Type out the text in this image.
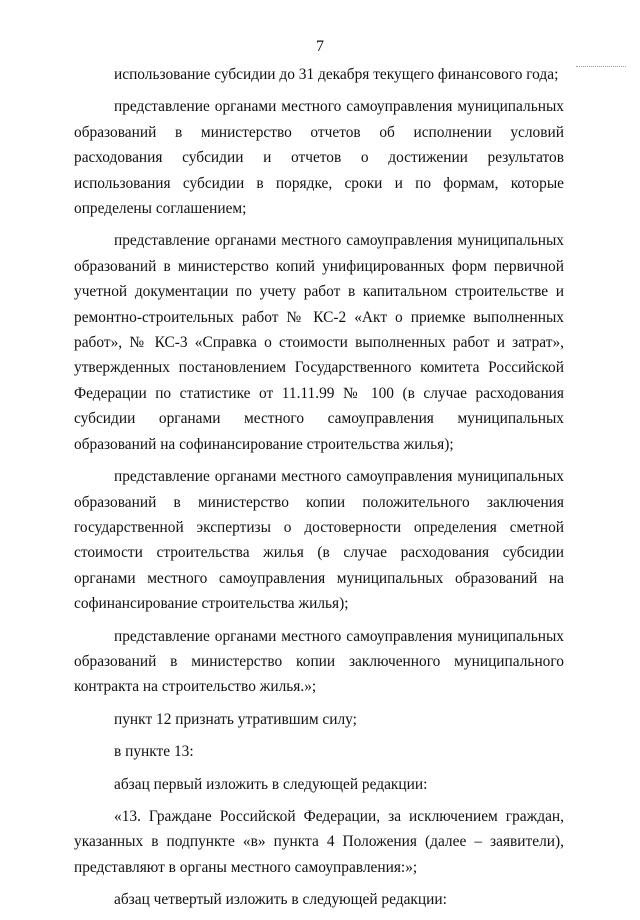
7

использование субсидии до 31 декабря текущего финансового года;

представление органами местного самоуправления муниципальных образований в министерство отчетов об исполнении условий расходования субсидии и отчетов о достижении результатов использования субсидии в порядке, сроки и по формам, которые определены соглашением;

представление органами местного самоуправления муниципальных образований в министерство копий унифицированных форм первичной учетной документации по учету работ в капитальном строительстве и ремонтно-строительных работ № КС-2 «Акт о приемке выполненных работ», № КС-3 «Справка о стоимости выполненных работ и затрат», утвержденных постановлением Государственного комитета Российской Федерации по статистике от 11.11.99 № 100 (в случае расходования субсидии органами местного самоуправления муниципальных образований на софинансирование строительства жилья);

представление органами местного самоуправления муниципальных образований в министерство копии положительного заключения государственной экспертизы о достоверности определения сметной стоимости строительства жилья (в случае расходования субсидии органами местного самоуправления муниципальных образований на софинансирование строительства жилья);

представление органами местного самоуправления муниципальных образований в министерство копии заключенного муниципального контракта на строительство жилья.»;

пункт 12 признать утратившим силу;

в пункте 13:

абзац первый изложить в следующей редакции:

«13. Граждане Российской Федерации, за исключением граждан, указанных в подпункте «в» пункта 4 Положения (далее – заявители), представляют в органы местного самоуправления:»;

абзац четвертый изложить в следующей редакции:
